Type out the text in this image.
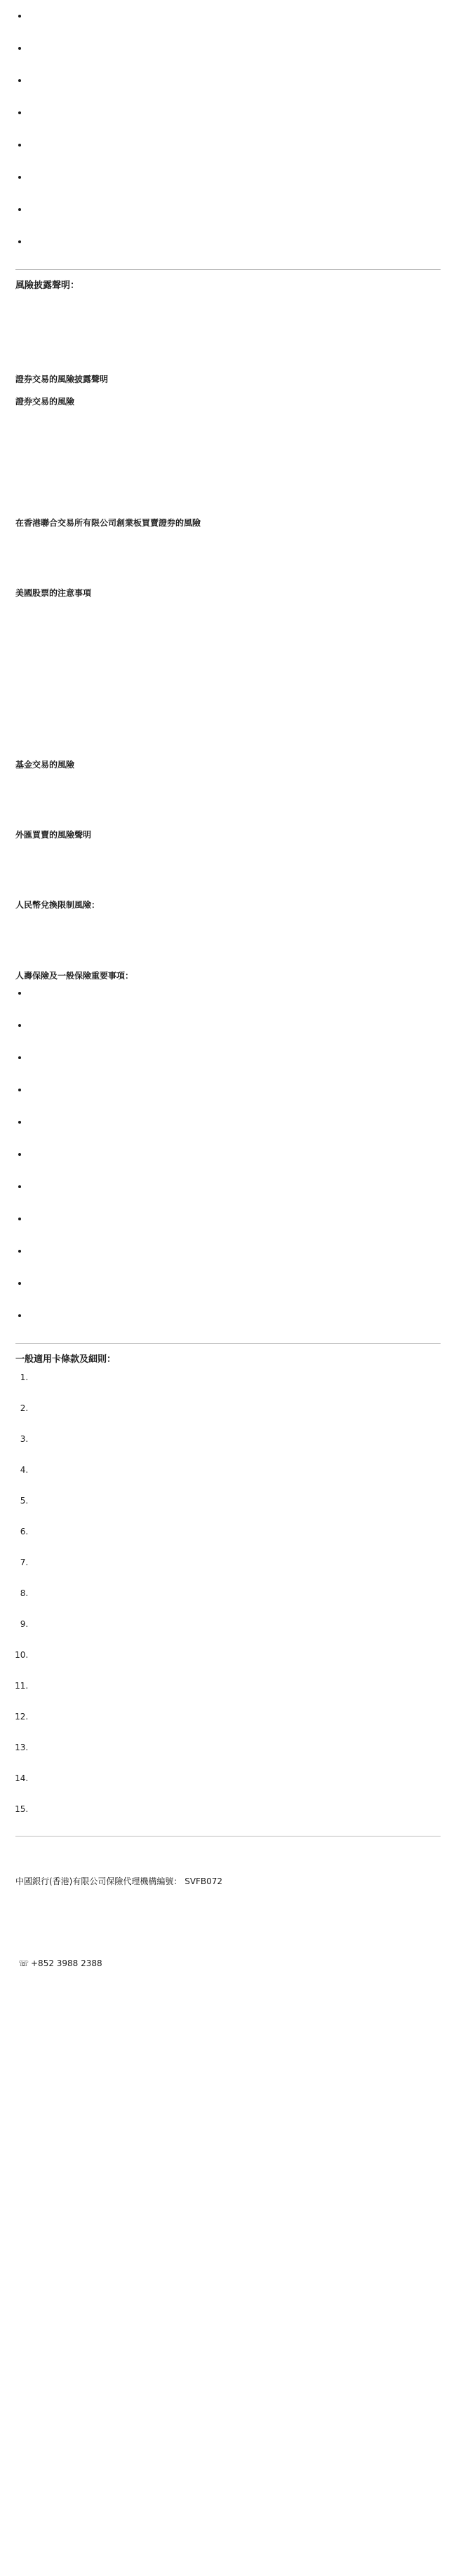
•
•
•
•
•
•
•
•
風險披露聲明：

證券交易的風險披露聲明
證券交易的風險

在香港聯合交易所有限公司創業板買賣證券的風險

美國股票的注意事項

基金交易的風險

外匯買賣的風險聲明

人民幣兌換限制風險：

人壽保險及一般保險重要事項：
•
•
•
•
•
•
•
•
•
•
•
一般適用卡條款及細則：
1.
2.
3.
4.
5.
6.
7.
8.
9.
10.
11.
12.
13.
14.
15.

中國銀行(香港)有限公司保險代理機構編號： SVFB072

☏ +852 3988 2388
